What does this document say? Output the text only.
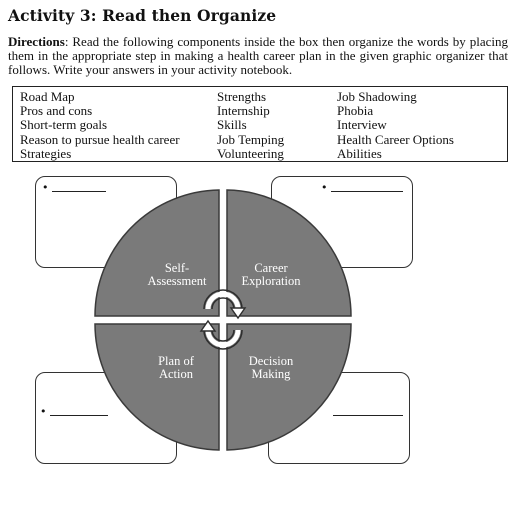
Activity 3: Read then Organize
Directions: Read the following components inside the box then organize the words by placing them in the appropriate step in making a health career plan in the given graphic organizer that follows. Write your answers in your activity notebook.
Road Map
Pros and cons
Short-term goals
Reason to pursue health career
Strategies
Strengths
Internship
Skills
Job Temping
Volunteering
Job Shadowing
Phobia
Interview
Health Career Options
Abilities
•	•
•
Self-
Assessment
Career
Exploration
Plan of
Action
Decision
Making
